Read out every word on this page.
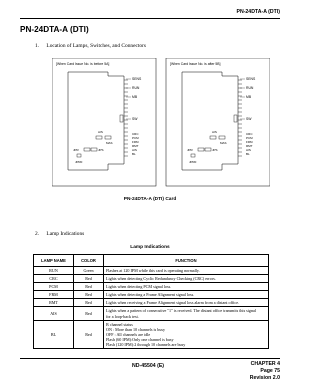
PN-24DTA-A (DTI)
PN-24DTA-A (DTI)
1. Location of Lamps, Switches, and Connectors
[When Card Issue No. is before 5A]
SENS
RUN
MB
SW
CRC
PCM
FRM
RMT
AIS
BL
AIS
MAS
JPR	JPS
JPR0
[When Card Issue No. is after 5B]
SENS
RUN
MB
SW
CRC
PCM
FRM
RMT
AIS
BL
AIS
MAS
JPR	JPS
JPR0
PN-24DTA-A (DTI) Card
2. Lamp Indications
Lamp Indications
LAMP NAME	COLOR	FUNCTION
RUN	Green	Flashes at 120 IPM while this card is operating normally.
CRC	Red	Lights when detecting Cyclic Redundancy Checking (CRC) errors.
PCM	Red	Lights when detecting PCM signal loss.
FRM	Red	Lights when detecting a Frame Alignment signal loss.
RMT	Red	Lights when receiving a Frame Alignment signal loss alarm from a distant office.
AIS	Red	Lights when a pattern of consecutive "1" is received. The distant office transmits this signal
for a loop-back test.

BL	Red	B channel status
ON : More than 10 channels is busy
OFF : All channels are idle
Flash (60 IPM):Only one channel is busy
Flash (120 IPM):2 through 10 channels are busy
ND-45504 (E)	CHAPTER 4
Page 75
Revision 2.0
